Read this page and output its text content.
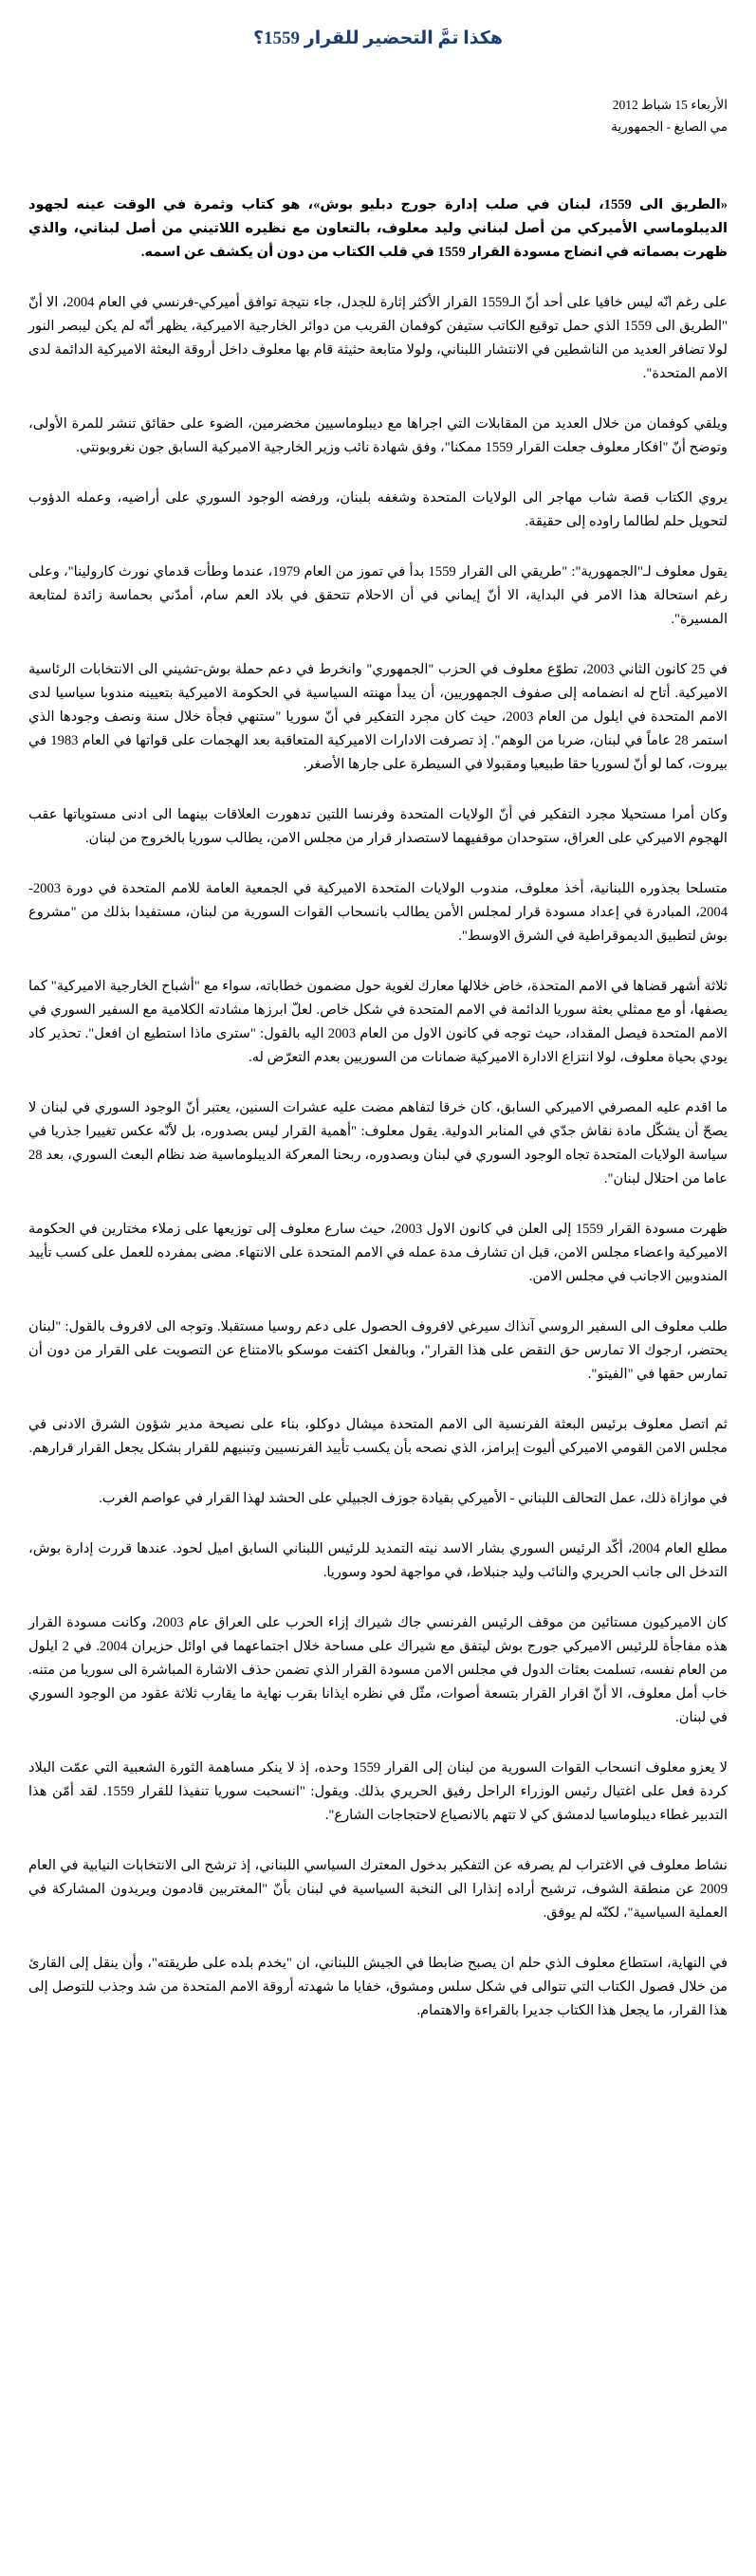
هكذا تمَّ التحضير للقرار 1559؟
الأربعاء 15 شباط 2012
مي الصايغ - الجمهورية

«الطريق الى 1559، لبنان في صلب إدارة جورج دبليو بوش»، هو كتاب وثمرة في الوقت عينه لجهود الديبلوماسي الأميركي من أصل لبناني وليد معلوف، بالتعاون مع نظيره اللاتيني من أصل لبناني، والذي ظهرت بصماته في انضاج مسودة القرار 1559 في قلب الكتاب من دون أن يكشف عن اسمه.

على رغم انّه ليس خافيا على أحد أنّ الـ1559 القرار الأكثر إثارة للجدل، جاء نتيجة توافق أميركي-فرنسي في العام 2004، الا أنّ "الطريق الى 1559 الذي حمل توقيع الكاتب ستيفن كوفمان القريب من دوائر الخارجية الاميركية، يظهر أنّه لم يكن ليبصر النور لولا تضافر العديد من الناشطين في الانتشار اللبناني، ولولا متابعة حثيثة قام بها معلوف داخل أروقة البعثة الاميركية الدائمة لدى الامم المتحدة".

ويلقي كوفمان من خلال العديد من المقابلات التي اجراها مع ديبلوماسيين مخضرمين، الضوء على حقائق تنشر للمرة الأولى، وتوضح أنّ "افكار معلوف جعلت القرار 1559 ممكنا"، وفق شهادة نائب وزير الخارجية الاميركية السابق جون نغروبونتي.

يروي الكتاب قصة شاب مهاجر الى الولايات المتحدة وشغفه بلبنان، ورفضه الوجود السوري على أراضيه، وعمله الدؤوب لتحويل حلم لطالما راوده إلى حقيقة.

يقول معلوف لـ"الجمهورية": "طريقي الى القرار 1559 بدأ في تموز من العام 1979، عندما وطأت قدماي نورث كارولينا"، وعلى رغم استحالة هذا الامر في البداية، الا أنّ إيماني في أن الاحلام تتحقق في بلاد العم سام، أمدّني بحماسة زائدة لمتابعة المسيرة".

في 25 كانون الثاني 2003، تطوّع معلوف في الحزب "الجمهوري" وانخرط في دعم حملة بوش-تشيني الى الانتخابات الرئاسية الاميركية. أتاح له انضمامه إلى صفوف الجمهوريين، أن يبدأ مهنته السياسية في الحكومة الاميركية بتعيينه مندوبا سياسيا لدى الامم المتحدة في ايلول من العام 2003، حيث كان مجرد التفكير في أنّ سوريا "ستنهي فجأة خلال سنة ونصف وجودها الذي استمر 28 عاماً في لبنان، ضربا من الوهم". إذ تصرفت الادارات الاميركية المتعاقبة بعد الهجمات على قواتها في العام 1983 في بيروت، كما لو أنّ لسوريا حقا طبيعيا ومقبولا في السيطرة على جارها الأصغر.

وكان أمرا مستحيلا مجرد التفكير في أنّ الولايات المتحدة وفرنسا اللتين تدهورت العلاقات بينهما الى ادنى مستوياتها عقب الهجوم الاميركي على العراق، ستوحدان موقفيهما لاستصدار قرار من مجلس الامن، يطالب سوريا بالخروج من لبنان.

متسلحا بجذوره اللبنانية، أخذ معلوف، مندوب الولايات المتحدة الاميركية في الجمعية العامة للامم المتحدة في دورة 2003-2004، المبادرة في إعداد مسودة قرار لمجلس الأمن يطالب بانسحاب القوات السورية من لبنان، مستفيدا بذلك من "مشروع بوش لتطبيق الديموقراطية في الشرق الاوسط".

ثلاثة أشهر قضاها في الامم المتحدة، خاض خلالها معارك لغوية حول مضمون خطاباته، سواء مع "أشباح الخارجية الاميركية" كما يصفها، أو مع ممثلي بعثة سوريا الدائمة في الامم المتحدة في شكل خاص. لعلّ ابرزها مشادته الكلامية مع السفير السوري في الامم المتحدة فيصل المقداد، حيث توجه في كانون الاول من العام 2003 اليه بالقول: "سترى ماذا استطيع ان افعل". تحذير كاد يودي بحياة معلوف، لولا انتزاع الادارة الاميركية ضمانات من السوريين بعدم التعرّض له.

ما اقدم عليه المصرفي الاميركي السابق، كان خرقا لتفاهم مضت عليه عشرات السنين، يعتبر أنّ الوجود السوري في لبنان لا يصحّ أن يشكّل مادة نقاش جدّي في المنابر الدولية. يقول معلوف: "أهمية القرار ليس بصدوره، بل لأنّه عكس تغييرا جذريا في سياسة الولايات المتحدة تجاه الوجود السوري في لبنان وبصدوره، ربحنا المعركة الديبلوماسية ضد نظام البعث السوري، بعد 28 عاما من احتلال لبنان".

ظهرت مسودة القرار 1559 إلى العلن في كانون الاول 2003، حيث سارع معلوف إلى توزيعها على زملاء مختارين في الحكومة الاميركية واعضاء مجلس الامن، قبل ان تشارف مدة عمله في الامم المتحدة على الانتهاء. مضى بمفرده للعمل على كسب تأييد المندوبين الاجانب في مجلس الامن.

طلب معلوف الى السفير الروسي آنذاك سيرغي لافروف الحصول على دعم روسيا مستقبلا. وتوجه الى لافروف بالقول: "لبنان يحتضر، ارجوك الا تمارس حق النقض على هذا القرار"، وبالفعل اكتفت موسكو بالامتناع عن التصويت على القرار من دون أن تمارس حقها في "الفيتو".

ثم اتصل معلوف برئيس البعثة الفرنسية الى الامم المتحدة ميشال دوكلو، بناء على نصيحة مدير شؤون الشرق الادنى في مجلس الامن القومي الاميركي أليوت إبرامز، الذي نصحه بأن يكسب تأييد الفرنسيين وتبنيهم للقرار بشكل يجعل القرار قرارهم.

في موازاة ذلك، عمل التحالف اللبناني - الأميركي بقيادة جوزف الجبيلي على الحشد لهذا القرار في عواصم الغرب.

مطلع العام 2004، أكّد الرئيس السوري بشار الاسد نيته التمديد للرئيس اللبناني السابق اميل لحود. عندها قررت إدارة بوش، التدخل الى جانب الحريري والنائب وليد جنبلاط، في مواجهة لحود وسوريا.

كان الاميركيون مستائين من موقف الرئيس الفرنسي جاك شيراك إزاء الحرب على العراق عام 2003، وكانت مسودة القرار هذه مفاجأة للرئيس الاميركي جورج بوش ليتفق مع شيراك على مساحة خلال اجتماعهما في اوائل حزيران 2004. في 2 ايلول من العام نفسه، تسلمت بعثات الدول في مجلس الامن مسودة القرار الذي تضمن حذف الاشارة المباشرة الى سوريا من متنه. خاب أمل معلوف، الا أنّ اقرار القرار بتسعة أصوات، مثّل في نظره ايذانا بقرب نهاية ما يقارب ثلاثة عقود من الوجود السوري في لبنان.

لا يعزو معلوف انسحاب القوات السورية من لبنان إلى القرار 1559 وحده، إذ لا ينكر مساهمة الثورة الشعبية التي عمّت البلاد كردة فعل على اغتيال رئيس الوزراء الراحل رفيق الحريري بذلك. ويقول: "انسحبت سوريا تنفيذا للقرار 1559. لقد أمّن هذا التدبير غطاء ديبلوماسيا لدمشق كي لا تتهم بالانصياع لاحتجاجات الشارع".

نشاط معلوف في الاغتراب لم يصرفه عن التفكير بدخول المعترك السياسي اللبناني، إذ ترشح الى الانتخابات النيابية في العام 2009 عن منطقة الشوف، ترشيح أراده إنذارا الى النخبة السياسية في لبنان بأنّ "المغتربين قادمون ويريدون المشاركة في العملية السياسية"، لكنّه لم يوفق.

في النهاية، استطاع معلوف الذي حلم ان يصبح ضابطا في الجيش اللبناني، ان "يخدم بلده على طريقته"، وأن ينقل إلى القارئ من خلال فصول الكتاب التي تتوالى في شكل سلس ومشوق، خفايا ما شهدته أروقة الامم المتحدة من شد وجذب للتوصل إلى هذا القرار، ما يجعل هذا الكتاب جديرا بالقراءة والاهتمام.
